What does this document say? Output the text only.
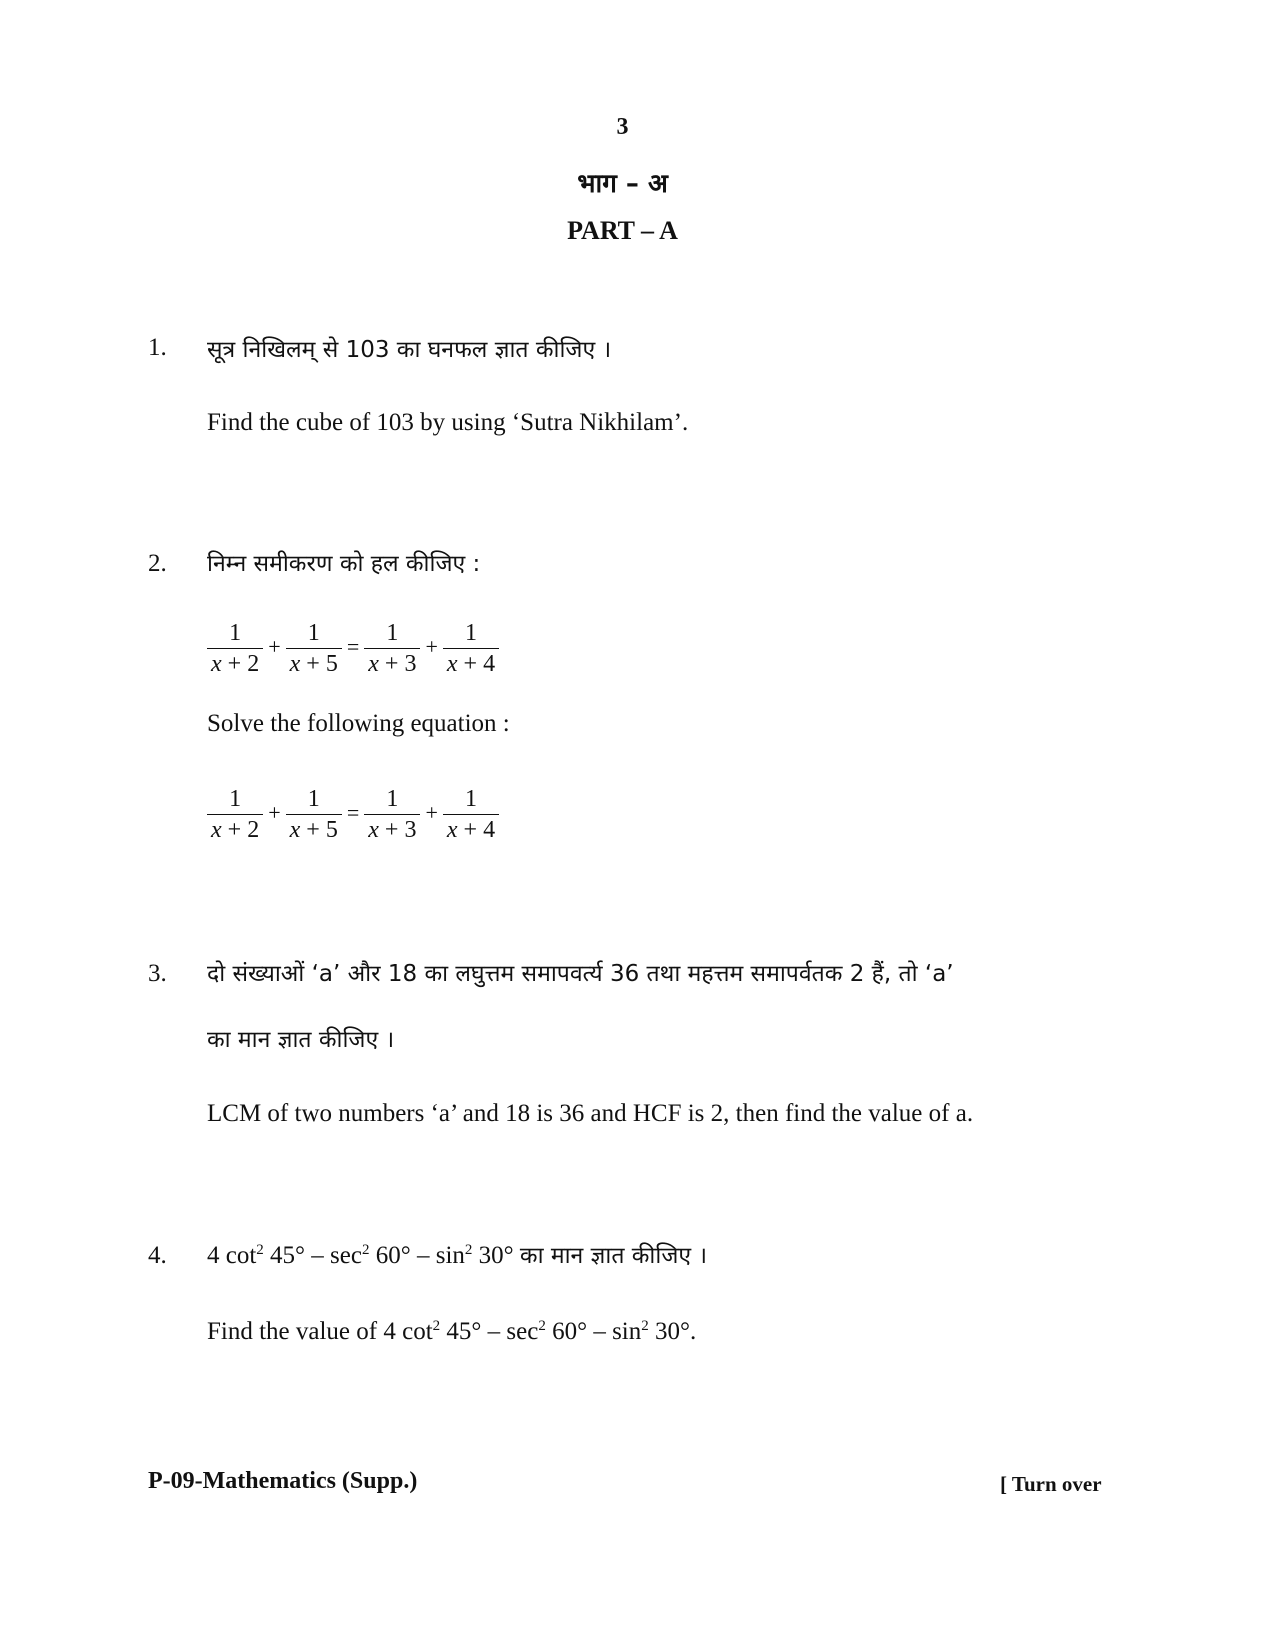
3
भाग – अ
PART – A
1. सूत्र निखिलम् से 103 का घनफल ज्ञात कीजिए ।
Find the cube of 103 by using ‘Sutra Nikhilam’.
2. निम्न समीकरण को हल कीजिए :
$\frac{1}{x + 2} + \frac{1}{x + 5} = \frac{1}{x + 3} + \frac{1}{x + 4}$
Solve the following equation :
$\frac{1}{x + 2} + \frac{1}{x + 5} = \frac{1}{x + 3} + \frac{1}{x + 4}$
3. दो संख्याओं ‘a’ और 18 का लघुत्तम समापवर्त्य 36 तथा महत्तम समापर्वतक 2 हैं, तो ‘a’
का मान ज्ञात कीजिए ।
LCM of two numbers ‘a’ and 18 is 36 and HCF is 2, then find the value of a.
4. 4 $\cot^2 45^\circ - \sec^2 60^\circ - \sin^2 30^\circ$ का मान ज्ञात कीजिए ।
Find the value of 4 $\cot^2 45^\circ - \sec^2 60^\circ - \sin^2 30^\circ$.
P-09-Mathematics (Supp.)	[ Turn over
